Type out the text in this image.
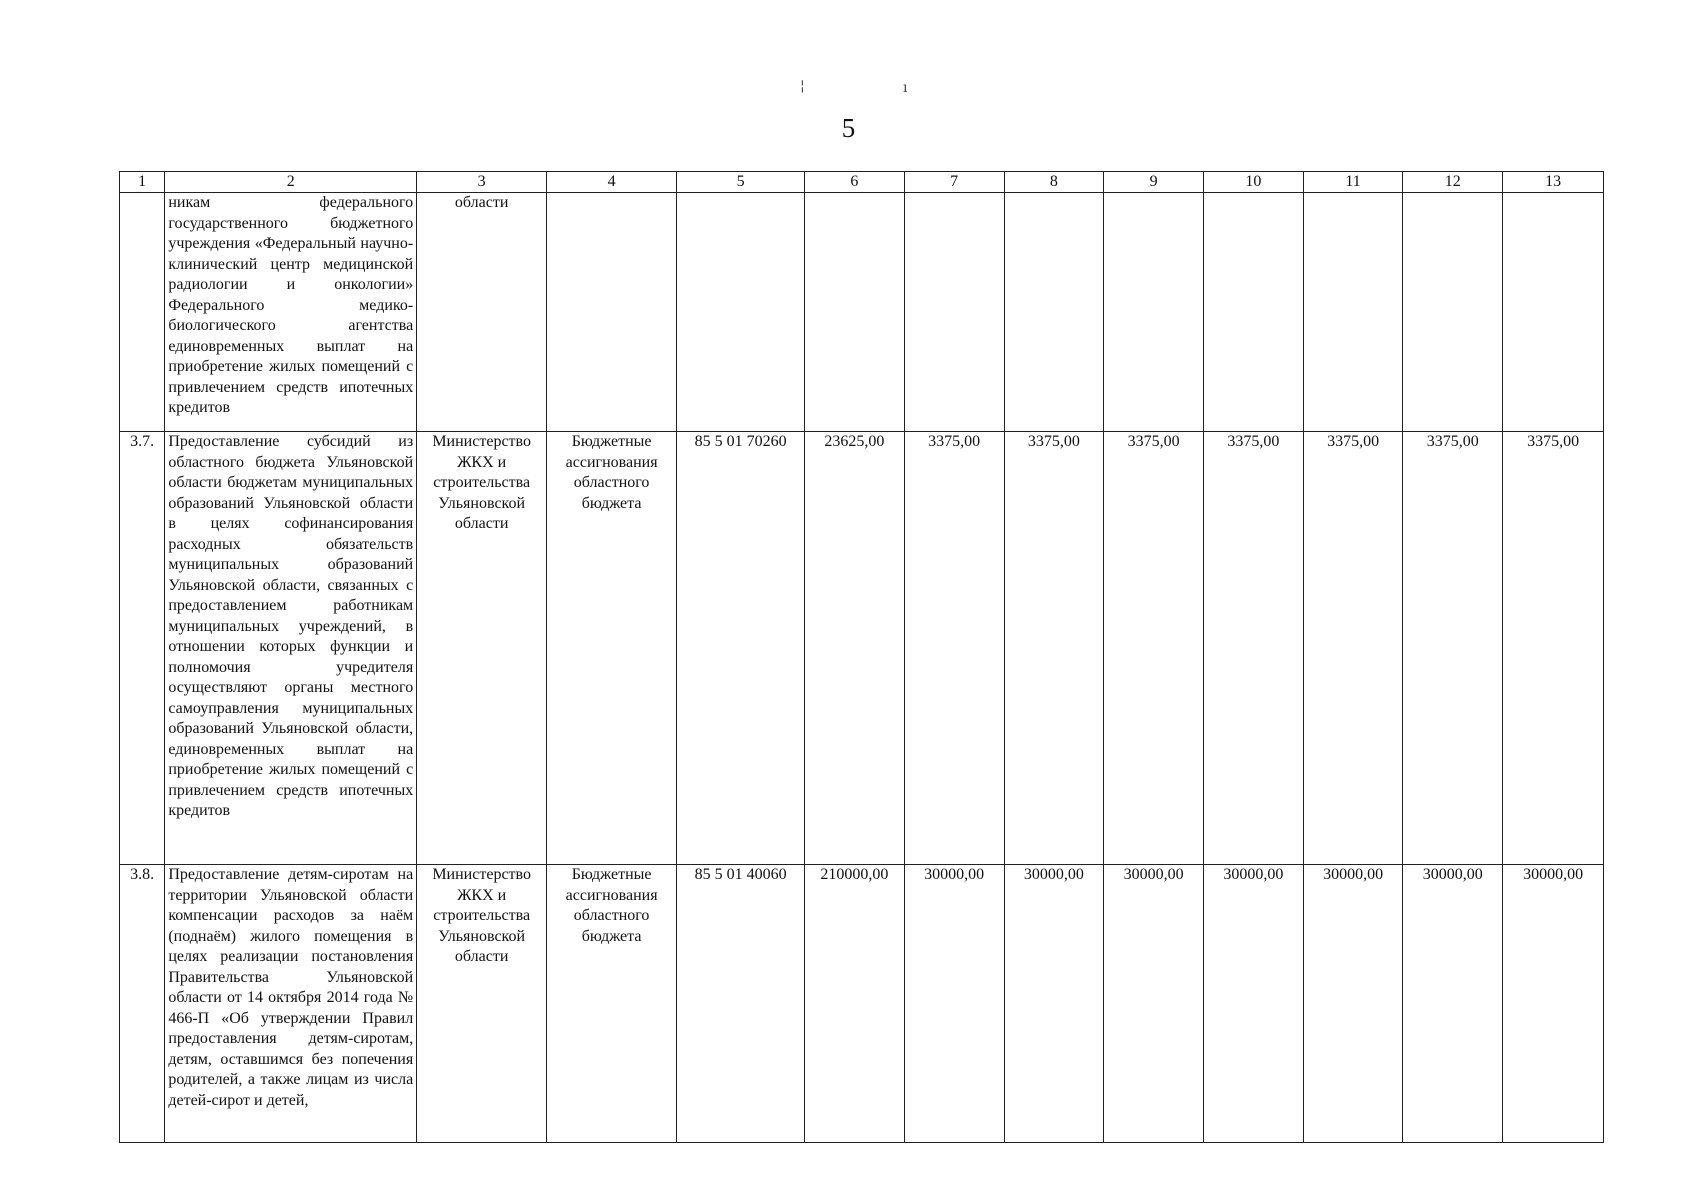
¦	ı
5
1	2	3	4	5	6	7	8	9	10	11	12	13
	никам федерального государственного бюджетного учреждения «Федеральный научно-клинический центр медицинской радиологии и онкологии» Федерального медико-биологического агентства единовременных выплат на приобретение жилых помещений с привлечением средств ипотечных кредитов	области										
3.7.	Предоставление субсидий из областного бюджета Ульяновской области бюджетам муниципальных образований Ульяновской области в целях софинансирования расходных обязательств муниципальных образований Ульяновской области, связанных с предоставлением работникам муниципальных учреждений, в отношении которых функции и полномочия учредителя осуществляют органы местного самоуправления муниципальных образований Ульяновской области, единовременных выплат на приобретение жилых помещений с привлечением средств ипотечных кредитов	Министерство ЖКХ и строительства Ульяновской области	Бюджетные ассигнования областного бюджета	85 5 01 70260	23625,00	3375,00	3375,00	3375,00	3375,00	3375,00	3375,00	3375,00
3.8.	Предоставление детям-сиротам на территории Ульяновской области компенсации расходов за наём (поднаём) жилого помещения в целях реализации постановления Правительства Ульяновской области от 14 октября 2014 года № 466-П «Об утверждении Правил предоставления детям-сиротам, детям, оставшимся без попечения родителей, а также лицам из числа детей-сирот и детей,	Министерство ЖКХ и строительства Ульяновской области	Бюджетные ассигнования областного бюджета	85 5 01 40060	210000,00	30000,00	30000,00	30000,00	30000,00	30000,00	30000,00	30000,00
